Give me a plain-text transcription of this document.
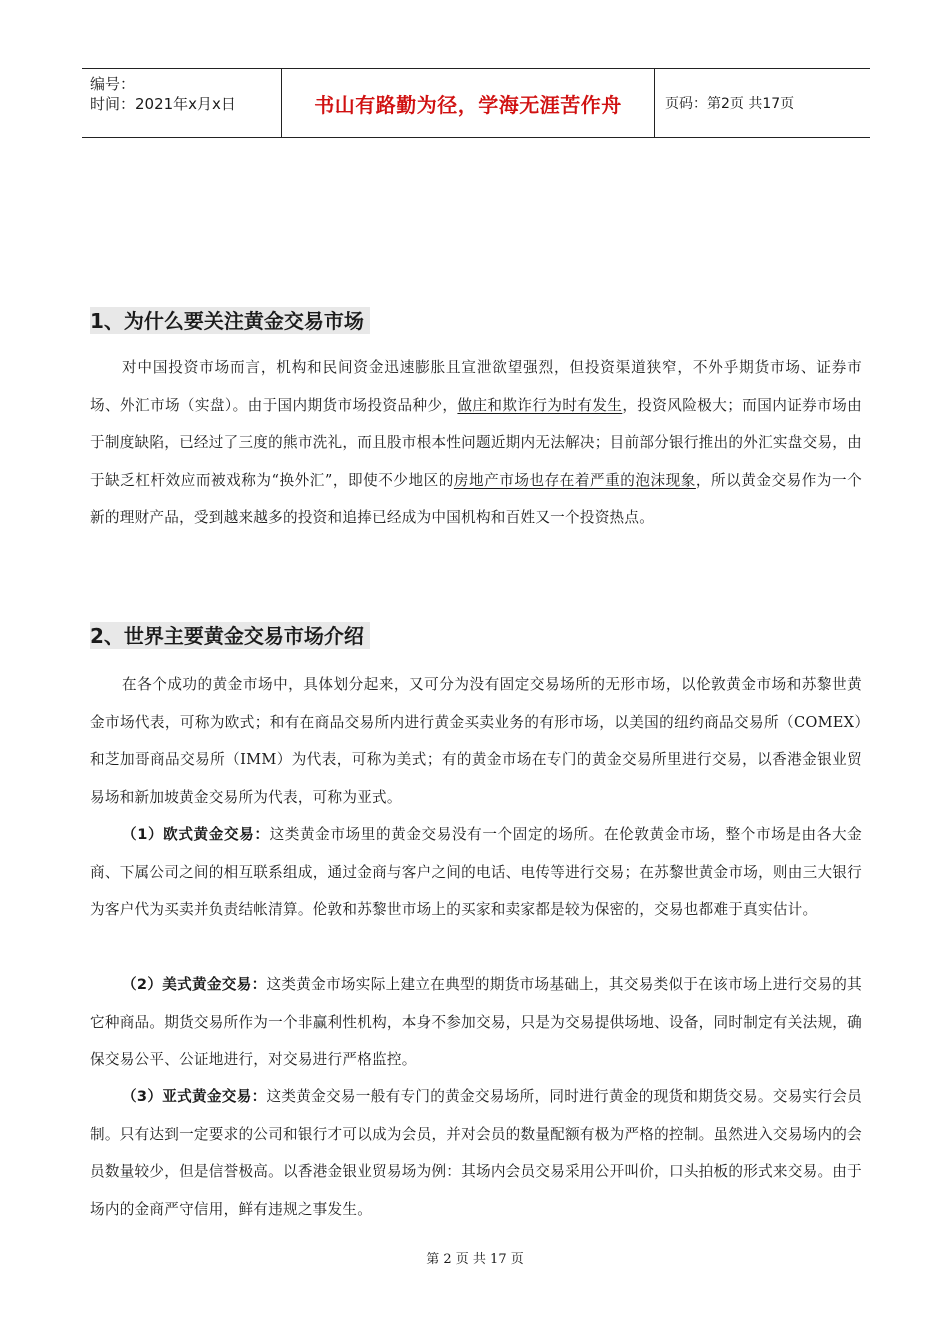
编号：
时间：2021年x月x日	书山有路勤为径，学海无涯苦作舟	页码：第2页 共17页
1、为什么要关注黄金交易市场
对中国投资市场而言，机构和民间资金迅速膨胀且宣泄欲望强烈，但投资渠道狭窄，不外乎期货市场、证券市场、外汇市场（实盘）。由于国内期货市场投资品种少，做庄和欺诈行为时有发生，投资风险极大；而国内证券市场由于制度缺陷，已经过了三度的熊市洗礼，而且股市根本性问题近期内无法解决；目前部分银行推出的外汇实盘交易，由于缺乏杠杆效应而被戏称为“换外汇”，即使不少地区的房地产市场也存在着严重的泡沫现象，所以黄金交易作为一个新的理财产品，受到越来越多的投资和追捧已经成为中国机构和百姓又一个投资热点。
2、世界主要黄金交易市场介绍
在各个成功的黄金市场中，具体划分起来，又可分为没有固定交易场所的无形市场，以伦敦黄金市场和苏黎世黄金市场代表，可称为欧式；和有在商品交易所内进行黄金买卖业务的有形市场，以美国的纽约商品交易所（COMEX）和芝加哥商品交易所（IMM）为代表，可称为美式；有的黄金市场在专门的黄金交易所里进行交易，以香港金银业贸易场和新加坡黄金交易所为代表，可称为亚式。
（1）欧式黄金交易：这类黄金市场里的黄金交易没有一个固定的场所。在伦敦黄金市场，整个市场是由各大金商、下属公司之间的相互联系组成，通过金商与客户之间的电话、电传等进行交易；在苏黎世黄金市场，则由三大银行为客户代为买卖并负责结帐清算。伦敦和苏黎世市场上的买家和卖家都是较为保密的，交易也都难于真实估计。
（2）美式黄金交易：这类黄金市场实际上建立在典型的期货市场基础上，其交易类似于在该市场上进行交易的其它种商品。期货交易所作为一个非赢利性机构，本身不参加交易，只是为交易提供场地、设备，同时制定有关法规，确保交易公平、公证地进行，对交易进行严格监控。
（3）亚式黄金交易：这类黄金交易一般有专门的黄金交易场所，同时进行黄金的现货和期货交易。交易实行会员制。只有达到一定要求的公司和银行才可以成为会员，并对会员的数量配额有极为严格的控制。虽然进入交易场内的会员数量较少，但是信誉极高。以香港金银业贸易场为例：其场内会员交易采用公开叫价，口头拍板的形式来交易。由于场内的金商严守信用，鲜有违规之事发生。
第 2 页 共 17 页
